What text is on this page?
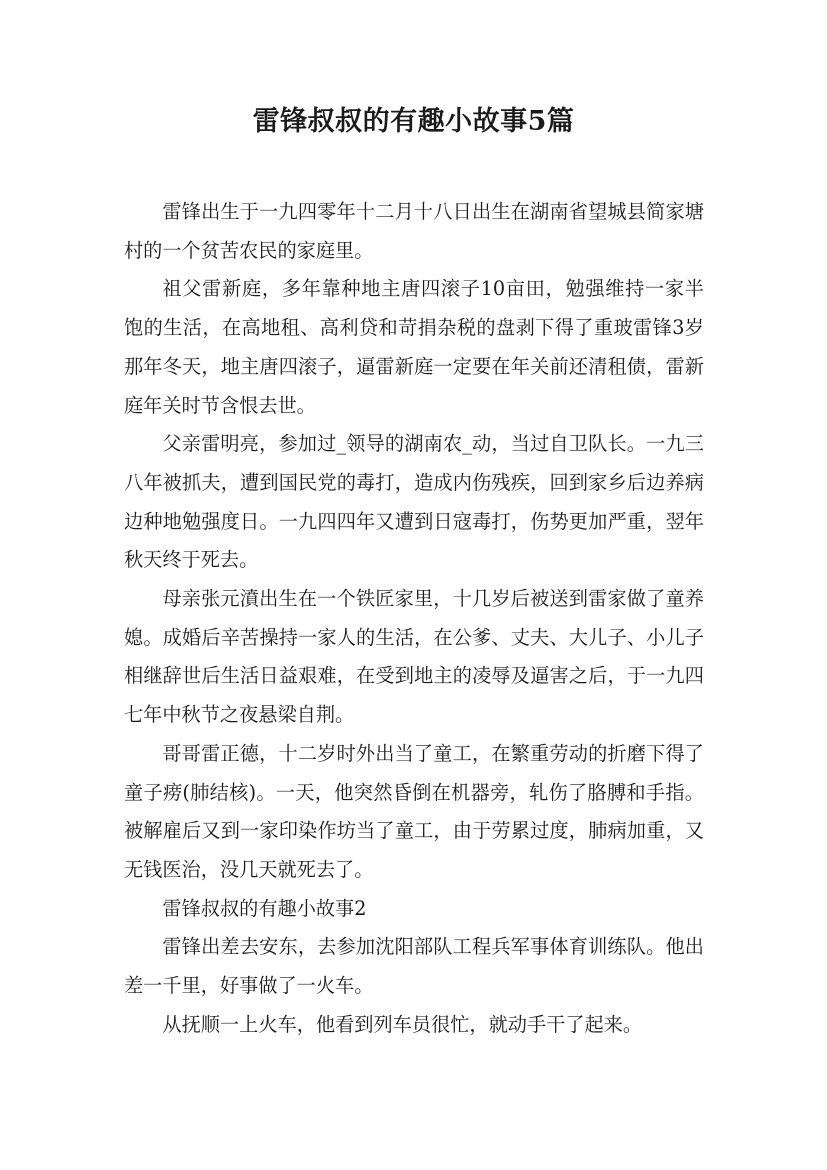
雷锋叔叔的有趣小故事5篇

雷锋出生于一九四零年十二月十八日出生在湖南省望城县简家塘村的一个贫苦农民的家庭里。

祖父雷新庭，多年靠种地主唐四滚子10亩田，勉强维持一家半饱的生活，在高地租、高利贷和苛捐杂税的盘剥下得了重玻雷锋3岁那年冬天，地主唐四滚子，逼雷新庭一定要在年关前还清租债，雷新庭年关时节含恨去世。

父亲雷明亮，参加过_领导的湖南农_动，当过自卫队长。一九三八年被抓夫，遭到国民党的毒打，造成内伤残疾，回到家乡后边养病边种地勉强度日。一九四四年又遭到日寇毒打，伤势更加严重，翌年秋天终于死去。

母亲张元濆出生在一个铁匠家里，十几岁后被送到雷家做了童养媳。成婚后辛苦操持一家人的生活，在公爹、丈夫、大儿子、小儿子相继辞世后生活日益艰难，在受到地主的凌辱及逼害之后，于一九四七年中秋节之夜悬梁自荆。

哥哥雷正德，十二岁时外出当了童工，在繁重劳动的折磨下得了童子痨(肺结核)。一天，他突然昏倒在机器旁，轧伤了胳膊和手指。被解雇后又到一家印染作坊当了童工，由于劳累过度，肺病加重，又无钱医治，没几天就死去了。

雷锋叔叔的有趣小故事2

雷锋出差去安东，去参加沈阳部队工程兵军事体育训练队。他出差一千里，好事做了一火车。

从抚顺一上火车，他看到列车员很忙，就动手干了起来。
